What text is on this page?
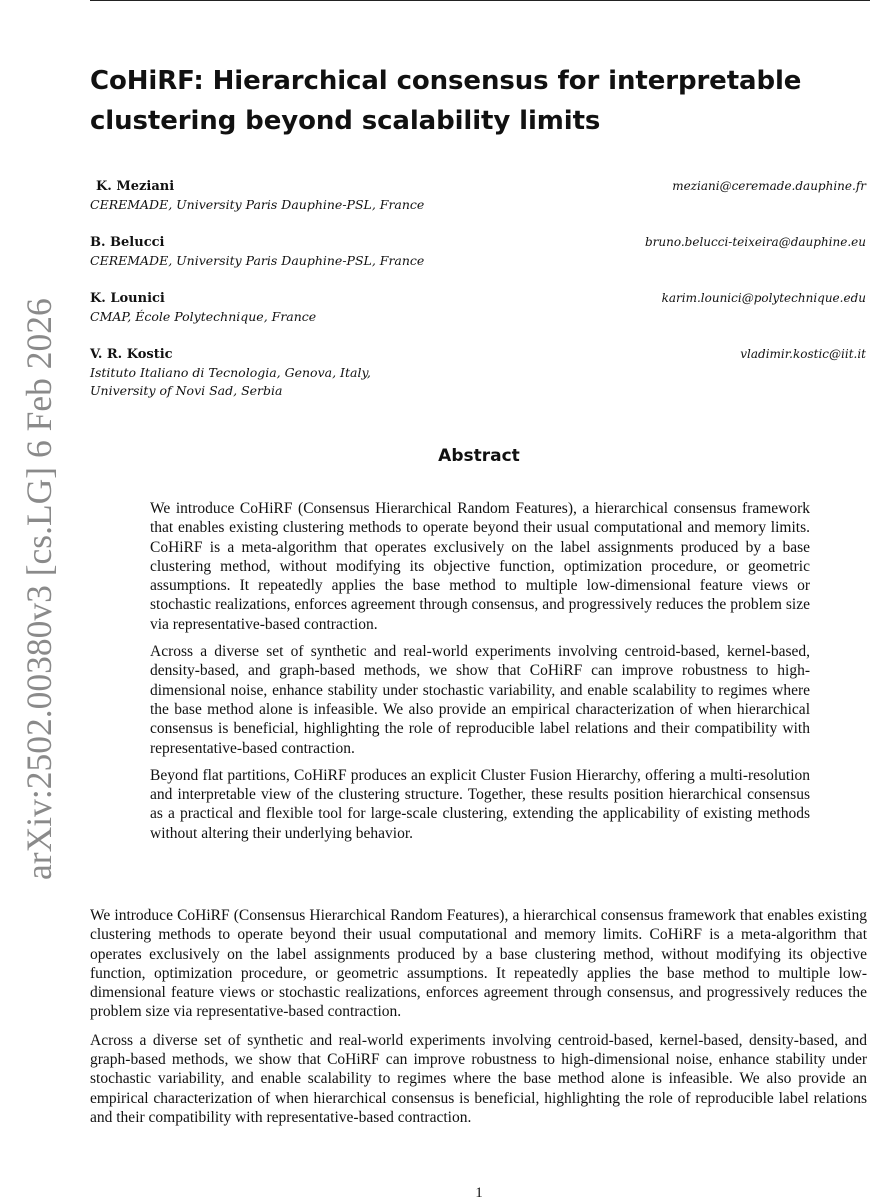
arXiv:2502.00380v3 [cs.LG] 6 Feb 2026
CoHiRF: Hierarchical consensus for interpretable clustering beyond scalability limits
K. Meziani	meziani@ceremade.dauphine.fr
CEREMADE, University Paris Dauphine-PSL, France
B. Belucci	bruno.belucci-teixeira@dauphine.eu
CEREMADE, University Paris Dauphine-PSL, France
K. Lounici	karim.lounici@polytechnique.edu
CMAP, École Polytechnique, France
V. R. Kostic	vladimir.kostic@iit.it
Istituto Italiano di Tecnologia, Genova, Italy,
University of Novi Sad, Serbia
Abstract

We introduce CoHiRF (Consensus Hierarchical Random Features), a hierarchical consensus framework that enables existing clustering methods to operate beyond their usual computational and memory limits. CoHiRF is a meta-algorithm that operates exclusively on the label assignments produced by a base clustering method, without modifying its objective function, optimization procedure, or geometric assumptions. It repeatedly applies the base method to multiple low-dimensional feature views or stochastic realizations, enforces agreement through consensus, and progressively reduces the problem size via representative-based contraction.

Across a diverse set of synthetic and real-world experiments involving centroid-based, kernel-based, density-based, and graph-based methods, we show that CoHiRF can improve robustness to high-dimensional noise, enhance stability under stochastic variability, and enable scalability to regimes where the base method alone is infeasible. We also provide an empirical characterization of when hierarchical consensus is beneficial, highlighting the role of reproducible label relations and their compatibility with representative-based contraction.

Beyond flat partitions, CoHiRF produces an explicit Cluster Fusion Hierarchy, offering a multi-resolution and interpretable view of the clustering structure. Together, these results position hierarchical consensus as a practical and flexible tool for large-scale clustering, extending the applicability of existing methods without altering their underlying behavior.

We introduce CoHiRF (Consensus Hierarchical Random Features), a hierarchical consensus framework that enables existing clustering methods to operate beyond their usual computational and memory limits. CoHiRF is a meta-algorithm that operates exclusively on the label assignments produced by a base clustering method, without modifying its objective function, optimization procedure, or geometric assumptions. It repeatedly applies the base method to multiple low-dimensional feature views or stochastic realizations, enforces agreement through consensus, and progressively reduces the problem size via representative-based contraction.

Across a diverse set of synthetic and real-world experiments involving centroid-based, kernel-based, density-based, and graph-based methods, we show that CoHiRF can improve robustness to high-dimensional noise, enhance stability under stochastic variability, and enable scalability to regimes where the base method alone is infeasible. We also provide an empirical characterization of when hierarchical consensus is beneficial, highlighting the role of reproducible label relations and their compatibility with representative-based contraction.

1
